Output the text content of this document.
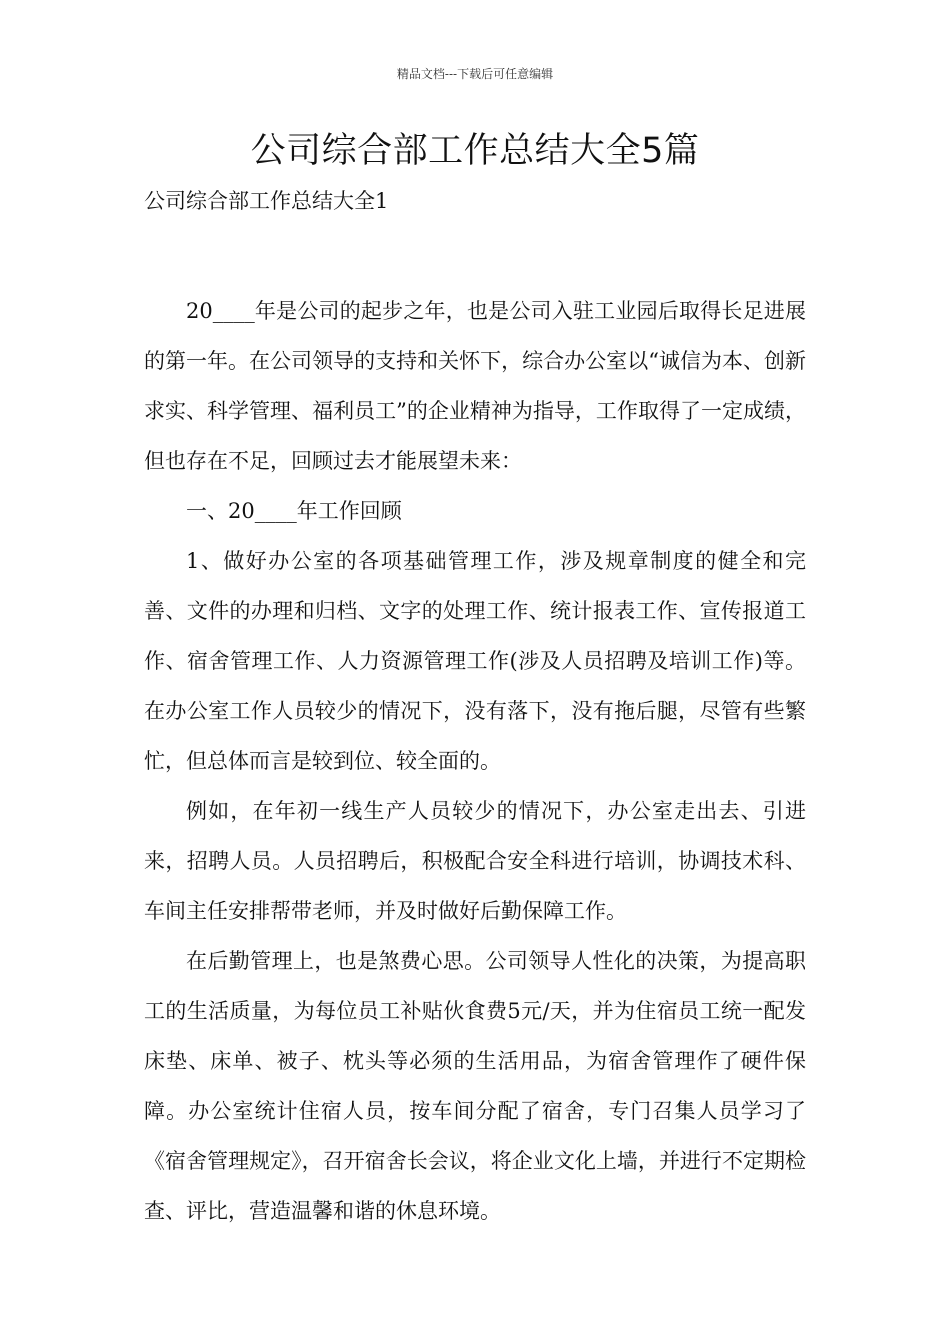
精品文档---下载后可任意编辑
公司综合部工作总结大全5篇
公司综合部工作总结大全1

20____年是公司的起步之年，也是公司入驻工业园后取得长足进展的第一年。在公司领导的支持和关怀下，综合办公室以“诚信为本、创新求实、科学管理、福利员工”的企业精神为指导，工作取得了一定成绩，但也存在不足，回顾过去才能展望未来：

一、20____年工作回顾

1、做好办公室的各项基础管理工作，涉及规章制度的健全和完善、文件的办理和归档、文字的处理工作、统计报表工作、宣传报道工作、宿舍管理工作、人力资源管理工作(涉及人员招聘及培训工作)等。在办公室工作人员较少的情况下，没有落下，没有拖后腿，尽管有些繁忙，但总体而言是较到位、较全面的。

例如，在年初一线生产人员较少的情况下，办公室走出去、引进来，招聘人员。人员招聘后，积极配合安全科进行培训，协调技术科、车间主任安排帮带老师，并及时做好后勤保障工作。

在后勤管理上，也是煞费心思。公司领导人性化的决策，为提高职工的生活质量，为每位员工补贴伙食费5元/天，并为住宿员工统一配发床垫、床单、被子、枕头等必须的生活用品，为宿舍管理作了硬件保障。办公室统计住宿人员，按车间分配了宿舍，专门召集人员学习了《宿舍管理规定》，召开宿舍长会议，将企业文化上墙，并进行不定期检查、评比，营造温馨和谐的休息环境。
